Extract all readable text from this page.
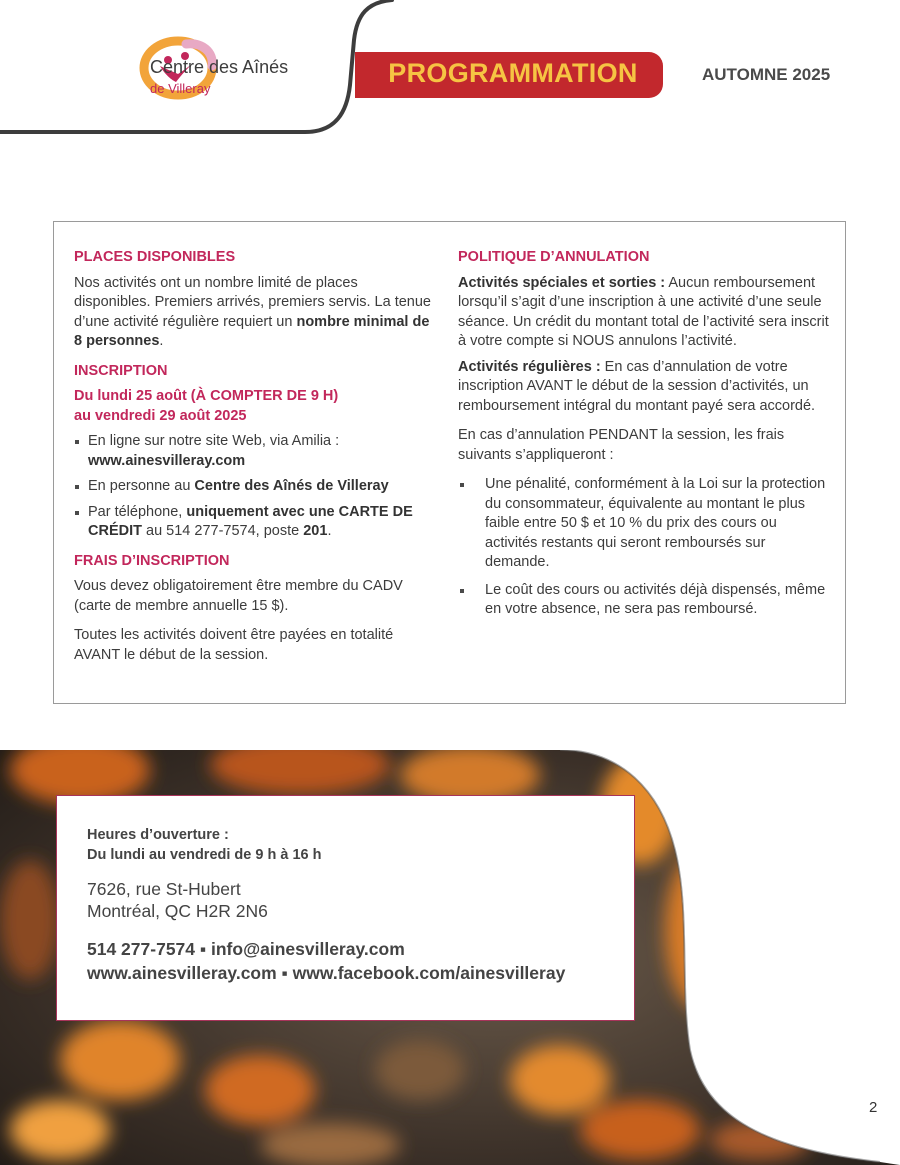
Centre des Aînés
de Villeray
PROGRAMMATION	AUTOMNE 2025
PLACES DISPONIBLES

Nos activités ont un nombre limité de places disponibles. Premiers arrivés, premiers servis. La tenue d’une activité régulière requiert un nombre minimal de 8 personnes.

INSCRIPTION
Du lundi 25 août (À COMPTER DE 9 H)
au vendredi 29 août 2025
En ligne sur notre site Web, via Amilia :
www.ainesvilleray.com
En personne au Centre des Aînés de Villeray
Par téléphone, uniquement avec une CARTE DE CRÉDIT au 514 277-7574, poste 201.
FRAIS D’INSCRIPTION

Vous devez obligatoirement être membre du CADV (carte de membre annuelle 15 $).

Toutes les activités doivent être payées en totalité AVANT le début de la session.

POLITIQUE D’ANNULATION

Activités spéciales et sorties : Aucun remboursement lorsqu’il s’agit d’une inscription à une activité d’une seule séance. Un crédit du montant total de l’activité sera inscrit à votre compte si NOUS annulons l’activité.

Activités régulières : En cas d’annulation de votre inscription AVANT le début de la session d’activités, un remboursement intégral du montant payé sera accordé.

En cas d’annulation PENDANT la session, les frais suivants s’appliqueront :

Une pénalité, conformément à la Loi sur la protection du consommateur, équivalente au montant le plus faible entre 50 $ et 10 % du prix des cours ou activités restants qui seront remboursés sur demande.
Le coût des cours ou activités déjà dispensés, même en votre absence, ne sera pas remboursé.
Heures d’ouverture :
Du lundi au vendredi de 9 h à 16 h
7626, rue St-Hubert
Montréal, QC H2R 2N6
514 277-7574 ▪ info@ainesvilleray.com
www.ainesvilleray.com ▪ www.facebook.com/ainesvilleray
2
